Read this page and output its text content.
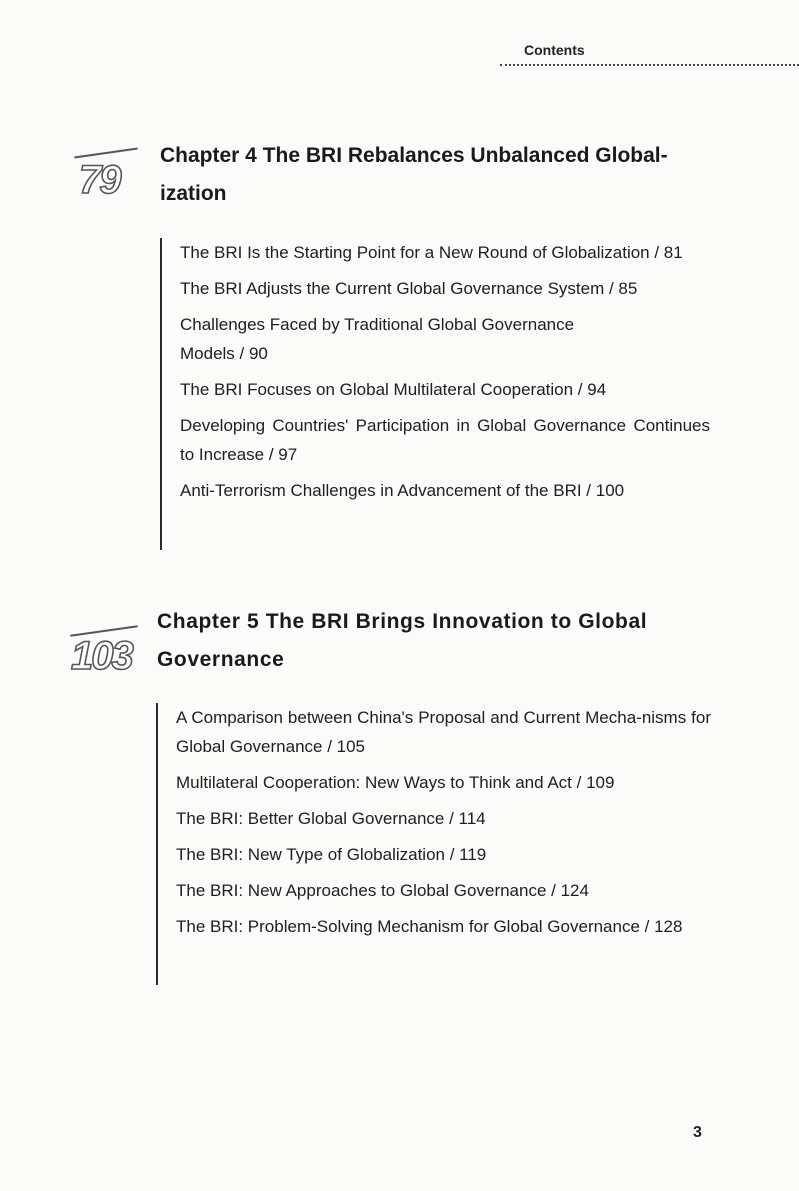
Contents
79
Chapter 4 The BRI Rebalances Unbalanced Global-ization
The BRI Is the Starting Point for a New Round of Globalization / 81
The BRI Adjusts the Current Global Governance System / 85
Challenges Faced by Traditional Global Governance Models / 90
The BRI Focuses on Global Multilateral Cooperation / 94
Developing Countries' Participation in Global Governance Continues to Increase / 97
Anti-Terrorism Challenges in Advancement of the BRI / 100
103
Chapter 5 The BRI Brings Innovation to Global Governance
A Comparison between China's Proposal and Current Mecha-nisms for Global Governance / 105
Multilateral Cooperation: New Ways to Think and Act / 109
The BRI: Better Global Governance / 114
The BRI: New Type of Globalization / 119
The BRI: New Approaches to Global Governance / 124
The BRI: Problem-Solving Mechanism for Global Governance / 128
3
